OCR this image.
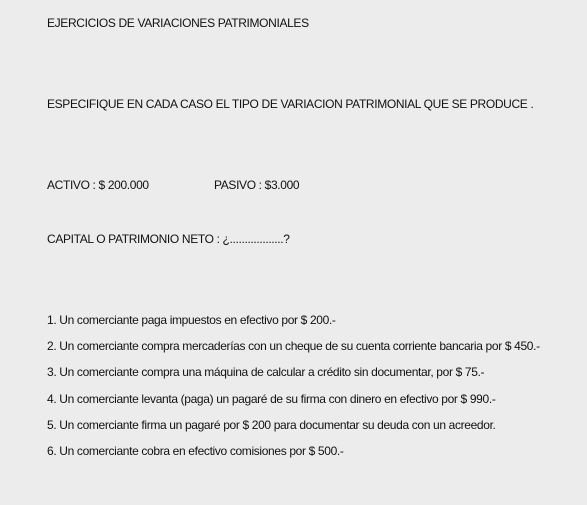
EJERCICIOS DE VARIACIONES PATRIMONIALES
ESPECIFIQUE EN CADA CASO EL TIPO DE VARIACION PATRIMONIAL QUE SE PRODUCE .
ACTIVO : $ 200.000	PASIVO : $3.000
CAPITAL O PATRIMONIO NETO : ¿..................?
1. Un comerciante paga impuestos en efectivo por $ 200.-
2. Un comerciante compra mercaderías con un cheque de su cuenta corriente bancaria por $ 450.-
3. Un comerciante compra una máquina de calcular a crédito sin documentar, por $ 75.-
4. Un comerciante levanta (paga) un pagaré de su firma con dinero en efectivo por $ 990.-
5. Un comerciante firma un pagaré por $ 200 para documentar su deuda con un acreedor.
6. Un comerciante cobra en efectivo comisiones por $ 500.-
